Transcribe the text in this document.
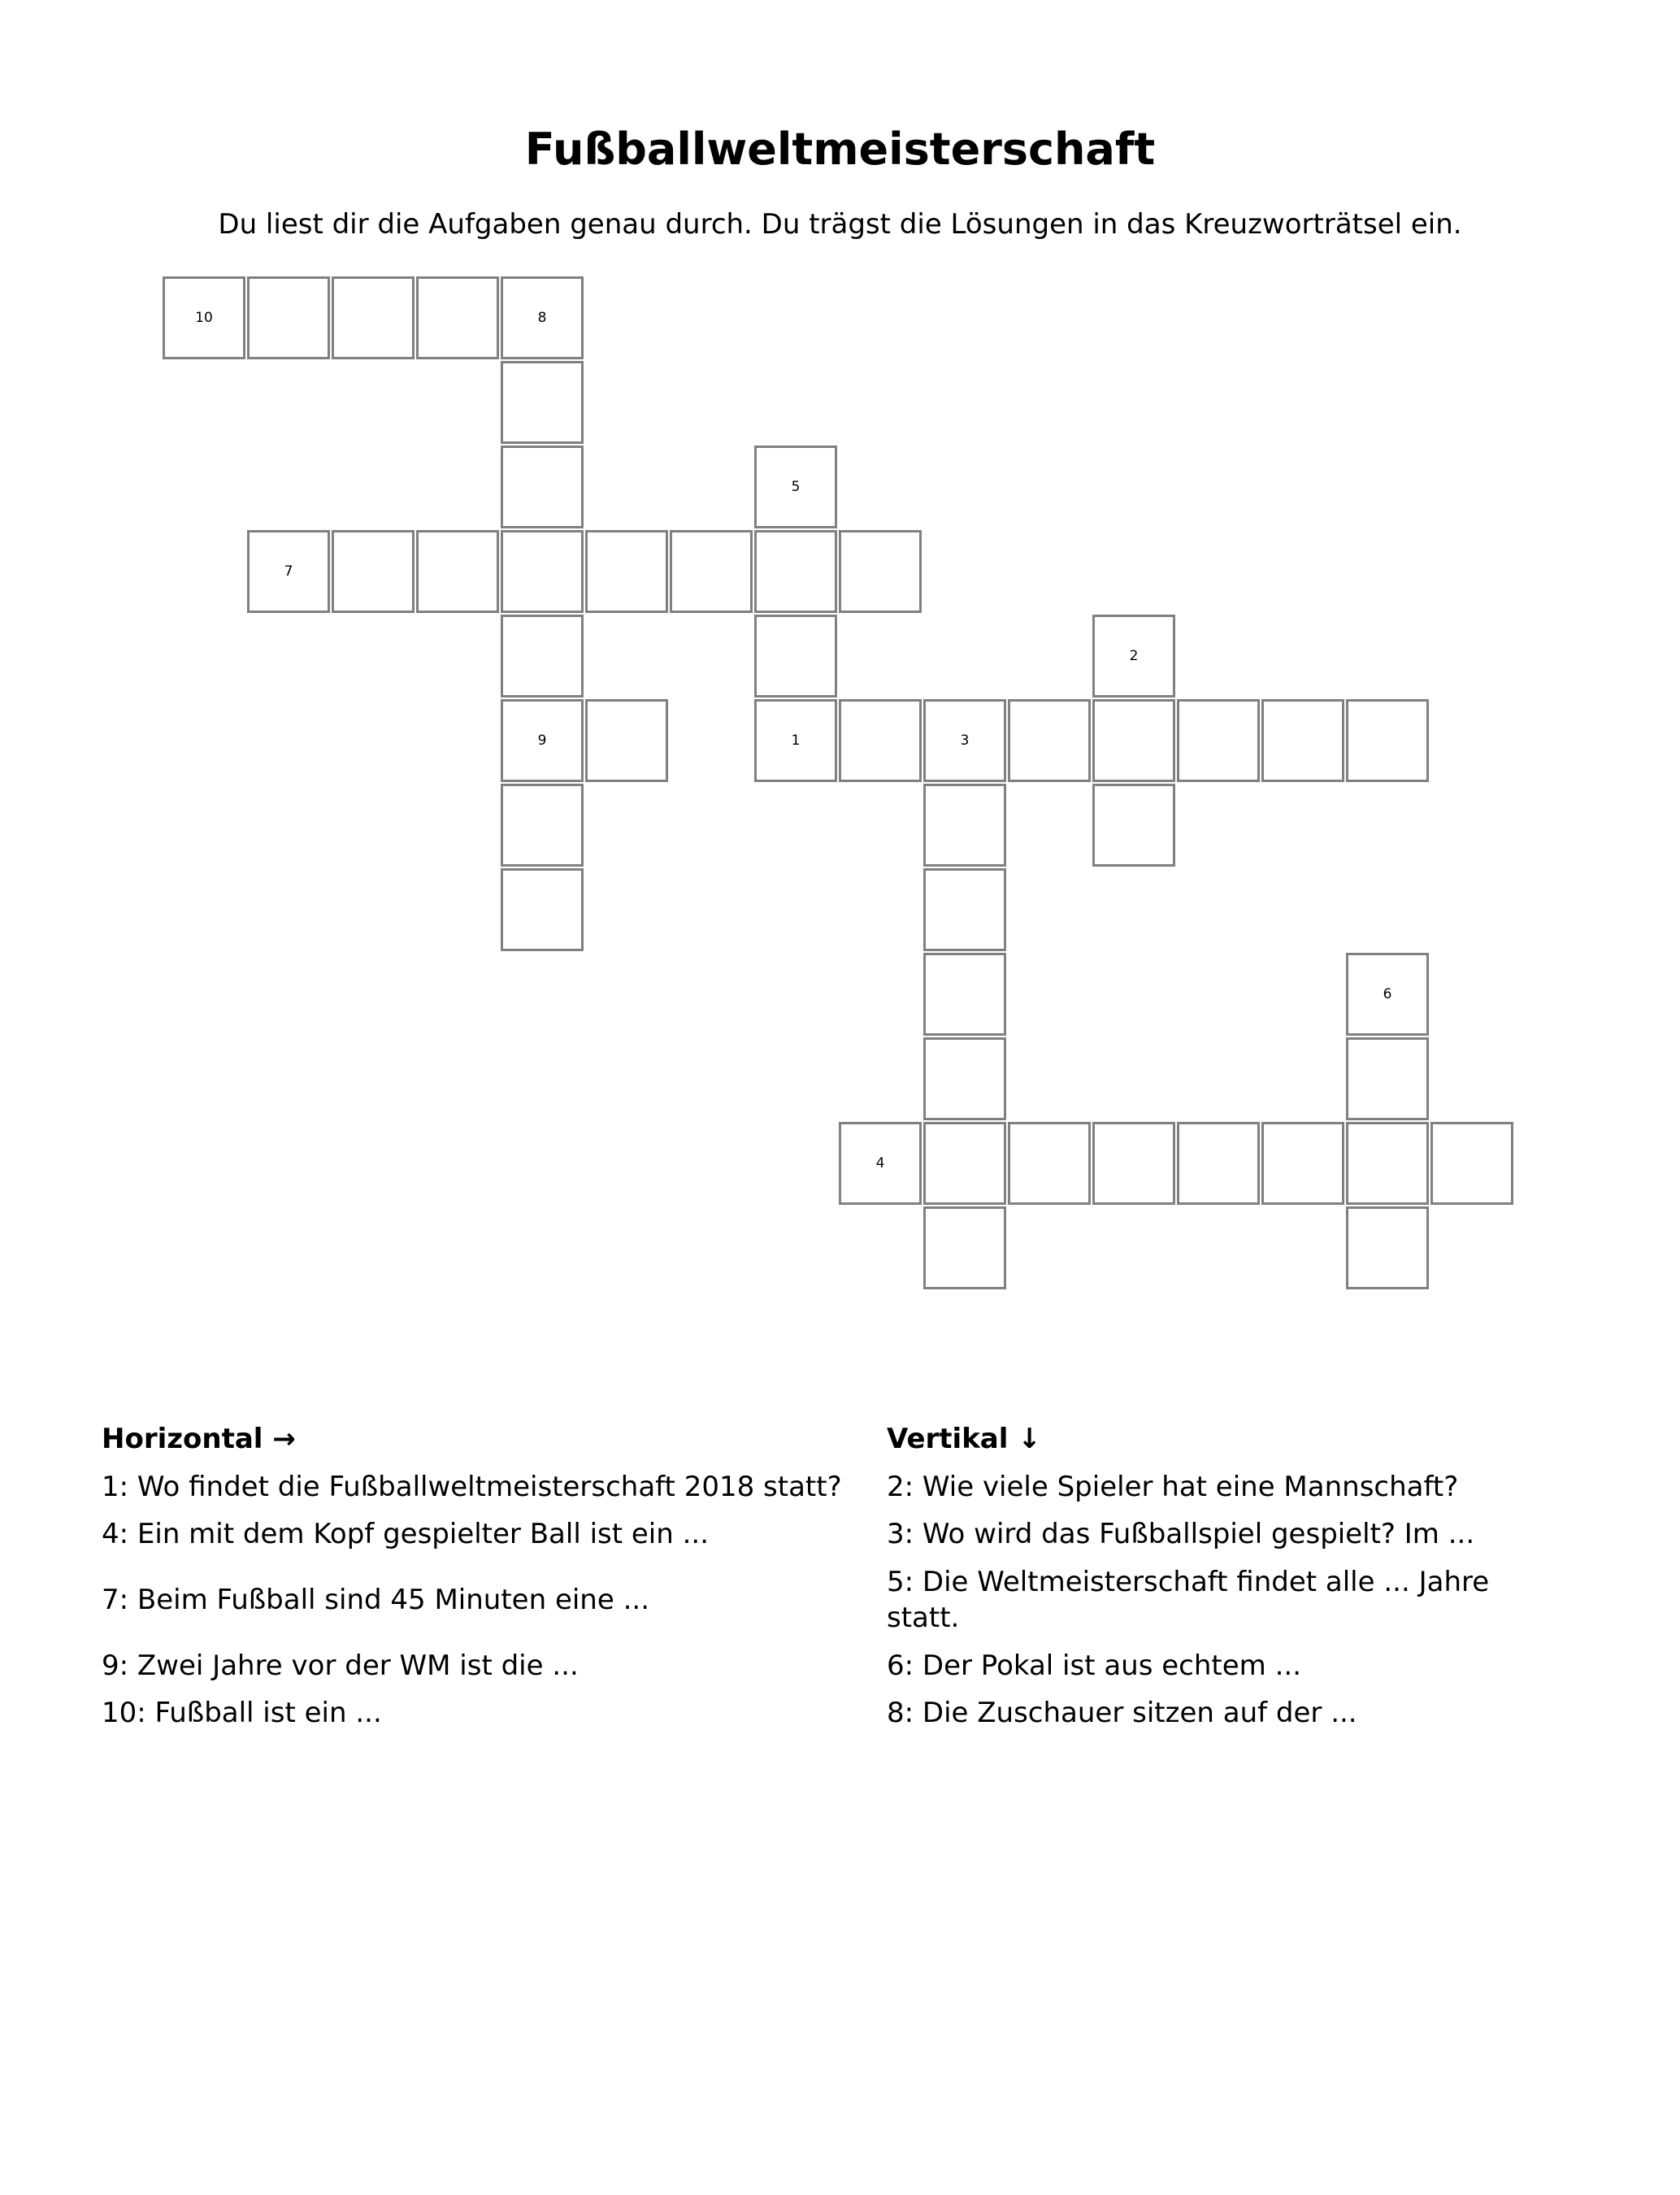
Fußballweltmeisterschaft

Du liest dir die Aufgaben genau durch. Du trägst die Lösungen in das Kreuzworträtsel ein.

10	8
9
5
1
7
2
3
6
4
Horizontal →
1: Wo findet die Fußballweltmeisterschaft 2018 statt?
4: Ein mit dem Kopf gespielter Ball ist ein ...
7: Beim Fußball sind 45 Minuten eine ...
9: Zwei Jahre vor der WM ist die ...
10: Fußball ist ein ...
Vertikal ↓
2: Wie viele Spieler hat eine Mannschaft?
3: Wo wird das Fußballspiel gespielt? Im ...
5: Die Weltmeisterschaft findet alle ... Jahre statt.
6: Der Pokal ist aus echtem ...
8: Die Zuschauer sitzen auf der ...
